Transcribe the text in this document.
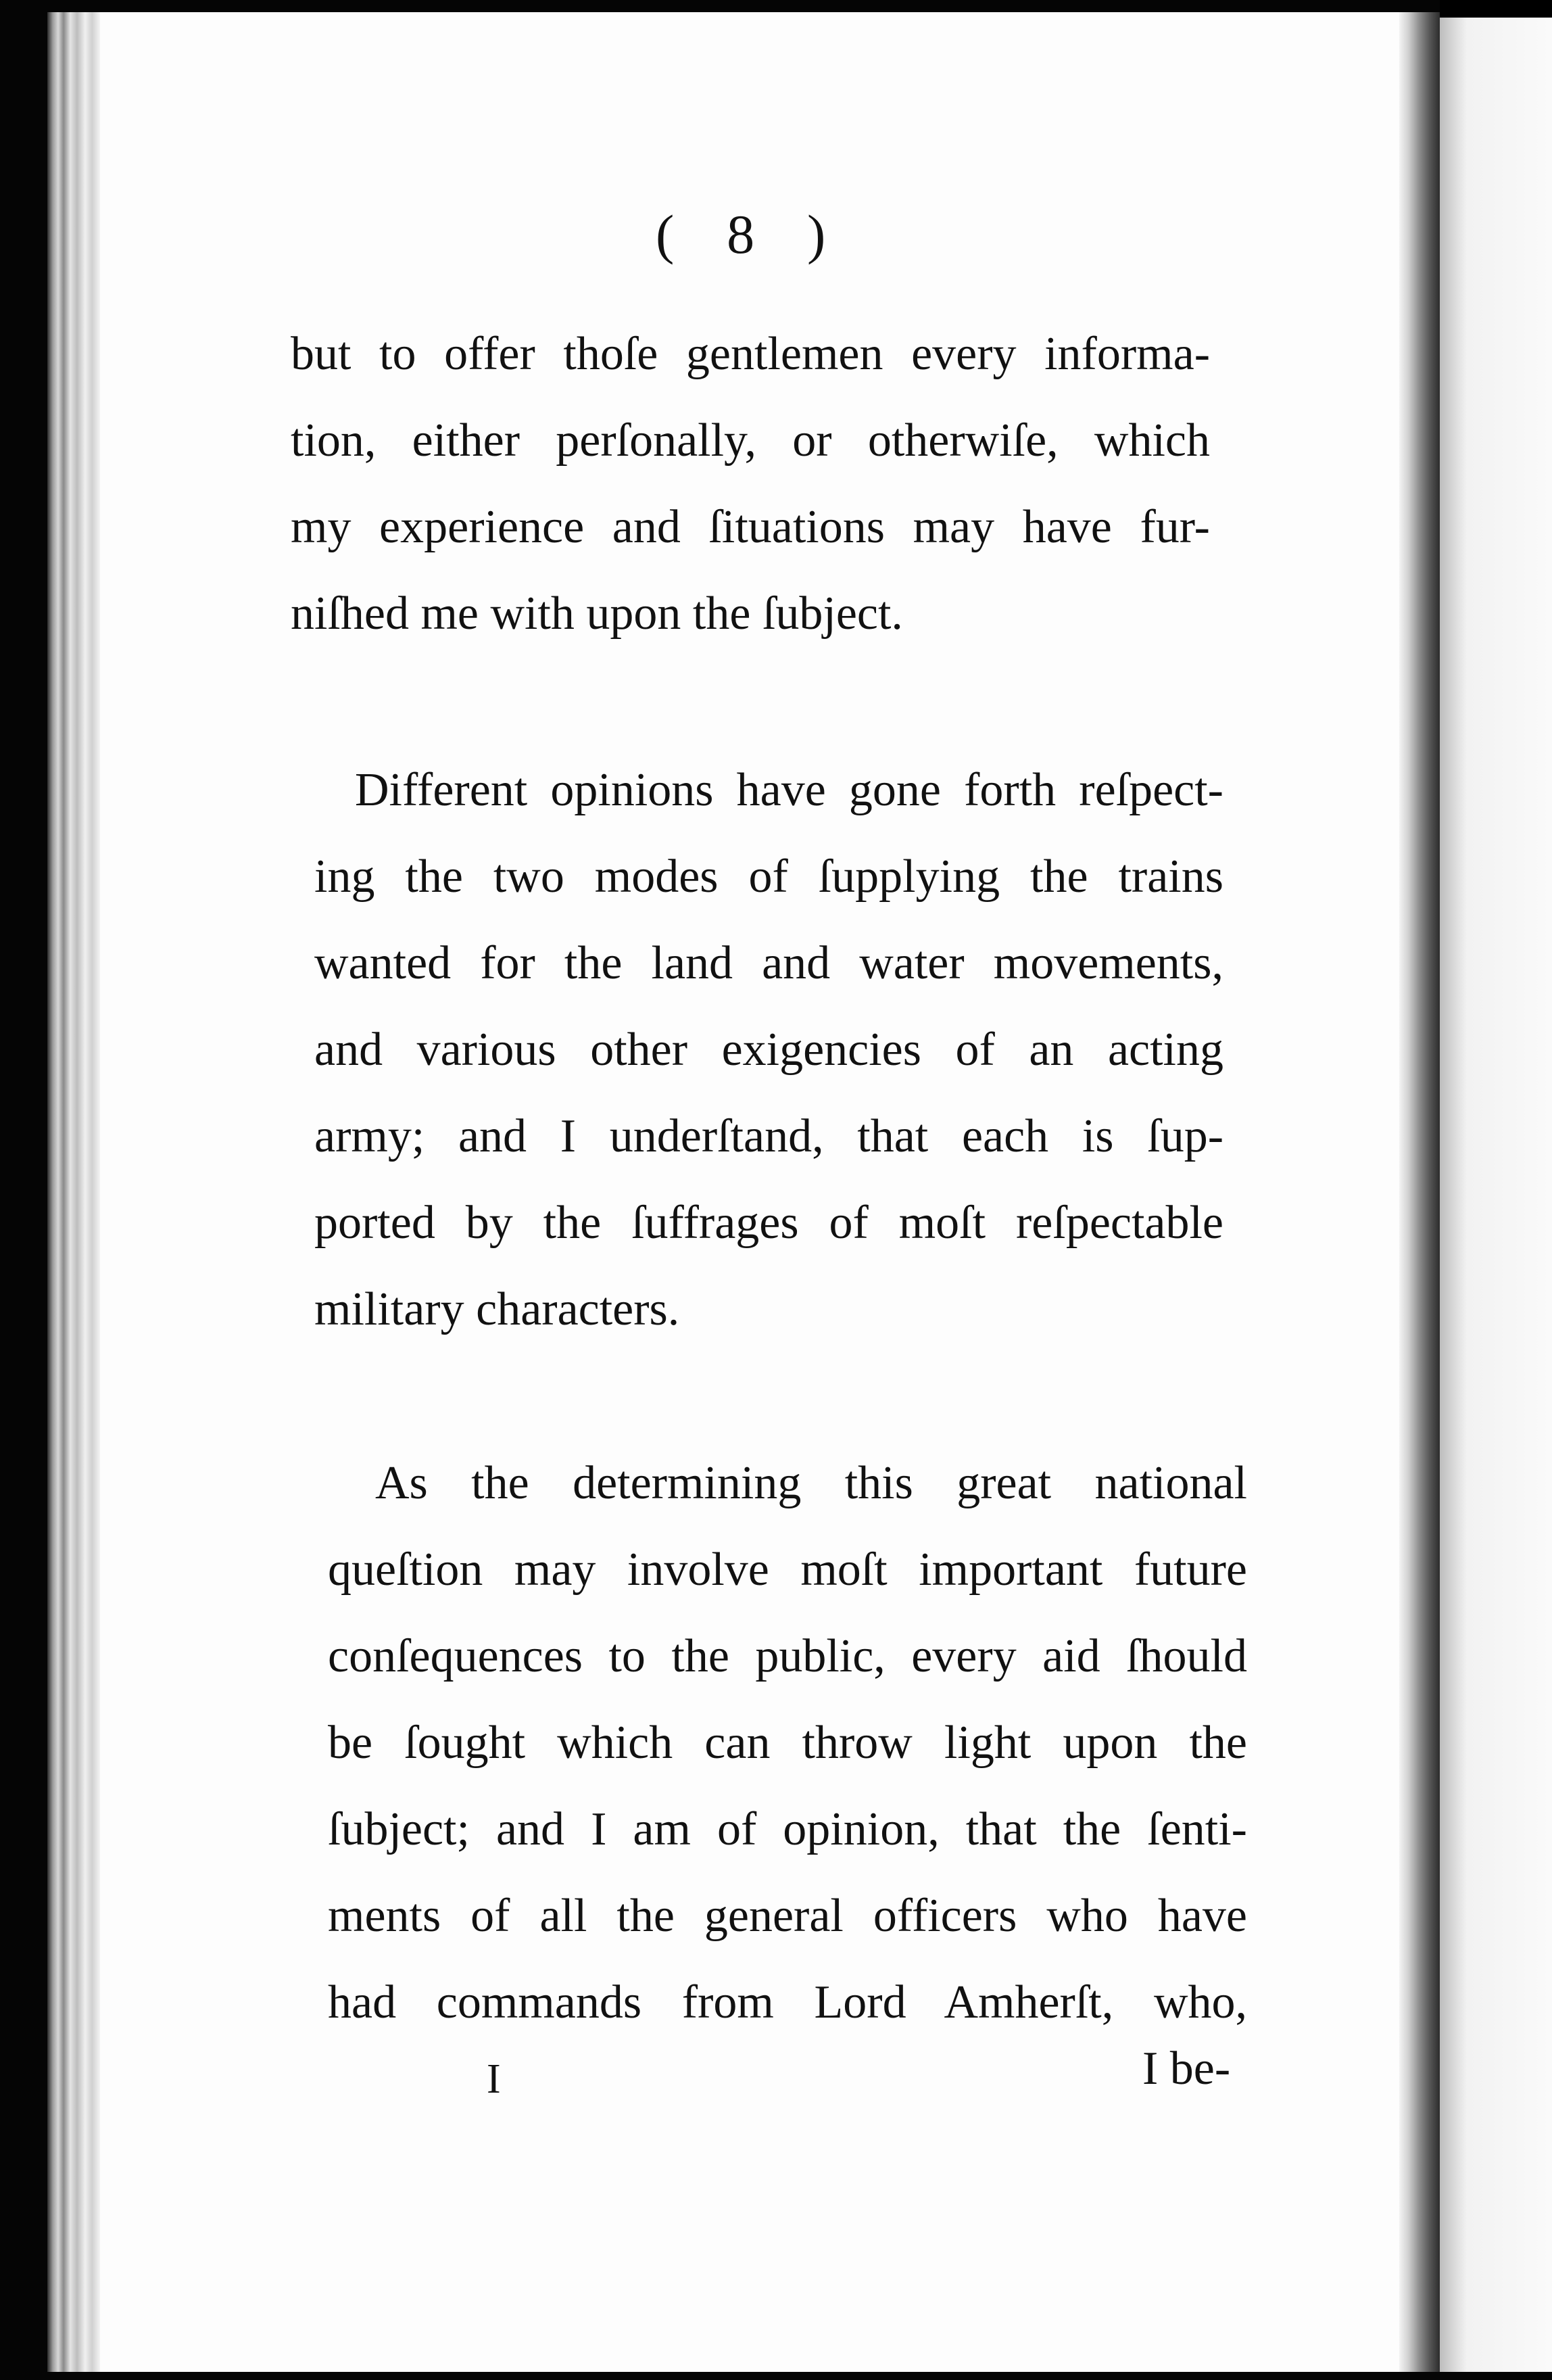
( 8 )
but to offer thoſe gentlemen every informa-
tion, either perſonally, or otherwiſe, which
my experience and ſituations may have fur-
niſhed me with upon the ſubject.
Different opinions have gone forth reſpect-
ing the two modes of ſupplying the trains
wanted for the land and water movements,
and various other exigencies of an acting
army; and I underſtand, that each is ſup-
ported by the ſuffrages of moſt reſpectable
military characters.
As the determining this great national
queſtion may involve moſt important future
conſequences to the public, every aid ſhould
be ſought which can throw light upon the
ſubject; and I am of opinion, that the ſenti-
ments of all the general officers who have
had commands from Lord Amherſt, who,
I	I be-
